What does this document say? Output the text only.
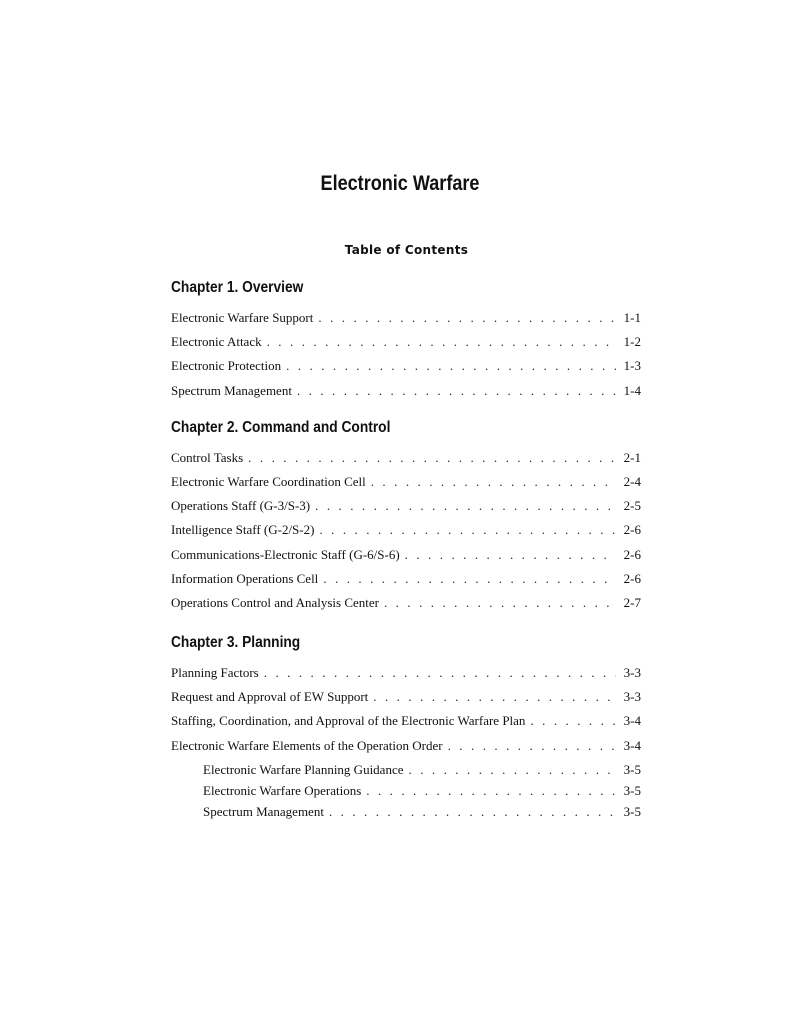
Electronic Warfare
Table of Contents
Chapter 1. Overview
Electronic Warfare Support . . .	1-1
Electronic Attack . . .	1-2
Electronic Protection . . .	1-3
Spectrum Management . . .	1-4
Chapter 2. Command and Control
Control Tasks . . .	2-1
Electronic Warfare Coordination Cell . . .	2-4
Operations Staff (G-3/S-3) . . .	2-5
Intelligence Staff (G-2/S-2) . . .	2-6
Communications-Electronic Staff (G-6/S-6) . . .	2-6
Information Operations Cell . . .	2-6
Operations Control and Analysis Center . . .	2-7
Chapter 3. Planning
Planning Factors . . .	3-3
Request and Approval of EW Support . . .	3-3
Staffing, Coordination, and Approval of the Electronic Warfare Plan . . .	3-4
Electronic Warfare Elements of the Operation Order . . .	3-4
Electronic Warfare Planning Guidance . . .	3-5
Electronic Warfare Operations . . .	3-5
Spectrum Management . . .	3-5
